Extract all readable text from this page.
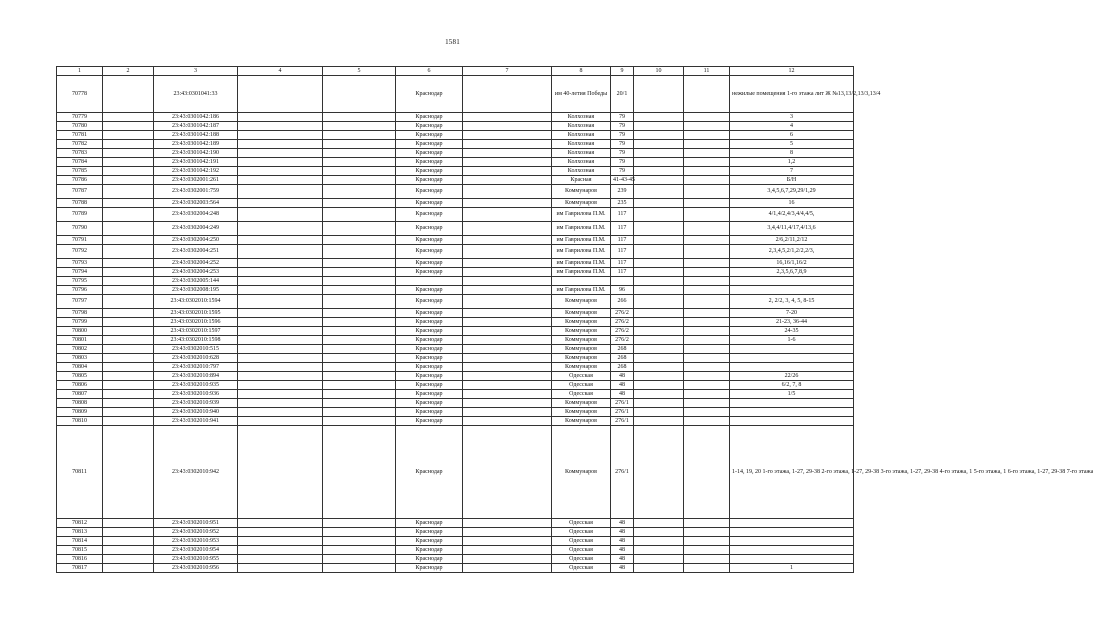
1581
1	2	3	4	5	6	7	8	9	10	11	12
70778		23:43:0301041:33			Краснодар		им 40-летия Победы	20/1			нежилые помещения 1-го этажа лит Ж №13,13/2,13/3,13/4
70779		23:43:0301042:186			Краснодар		Колхозная	79			3
70780		23:43:0301042:187			Краснодар		Колхозная	79			4
70781		23:43:0301042:188			Краснодар		Колхозная	79			6
70782		23:43:0301042:189			Краснодар		Колхозная	79			5
70783		23:43:0301042:190			Краснодар		Колхозная	79			8
70784		23:43:0301042:191			Краснодар		Колхозная	79			1,2
70785		23:43:0301042:192			Краснодар		Колхозная	79			7
70786		23:43:0302001:261			Краснодар		Красная	41-43-45			Б/Н
70787		23:43:0302001:759			Краснодар		Коммунаров	239			3,4,5,6,7,29,29/1,29
70788		23:43:0302003:564			Краснодар		Коммунаров	235			16
70789		23:43:0302004:248			Краснодар		им Гаврилова П.М.	117			4/1,4/2,4/3,4/4,4/5,
70790		23:43:0302004:249			Краснодар		им Гаврилова П.М.	117			3,4,4/11,4/17,4/13,6
70791		23:43:0302004:250			Краснодар		им Гаврилова П.М.	117			2/6,2/11,2/12
70792		23:43:0302004:251			Краснодар		им Гаврилова П.М.	117			2,3,4,5,2/1,2/2,2/3,
70793		23:43:0302004:252			Краснодар		им Гаврилова П.М.	117			16,16/1,16/2
70794		23:43:0302004:253			Краснодар		им Гаврилова П.М.	117			2,3,5,6,7,8,9
70795		23:43:0302005:144									
70796		23:43:0302008:195			Краснодар		им Гаврилова П.М.	96			
70797		23:43:0302010:1594			Краснодар		Коммунаров	266			2, 2/2, 3, 4, 5, 8-15
70798		23:43:0302010:1595			Краснодар		Коммунаров	276/2			7-20
70799		23:43:0302010:1596			Краснодар		Коммунаров	276/2			21-23, 36-44
70800		23:43:0302010:1597			Краснодар		Коммунаров	276/2			24-35
70801		23:43:0302010:1598			Краснодар		Коммунаров	276/2			1-6
70802		23:43:0302010:515			Краснодар		Коммунаров	268			
70803		23:43:0302010:628			Краснодар		Коммунаров	268			
70804		23:43:0302010:797			Краснодар		Коммунаров	268			
70805		23:43:0302010:894			Краснодар		Одесская	48			22/26
70806		23:43:0302010:935			Краснодар		Одесская	48			6/2, 7, 8
70807		23:43:0302010:936			Краснодар		Одесская	48			1/5
70808		23:43:0302010:939			Краснодар		Коммунаров	276/1			
70809		23:43:0302010:940			Краснодар		Коммунаров	276/1			
70810		23:43:0302010:941			Краснодар		Коммунаров	276/1			
70811		23:43:0302010:942			Краснодар		Коммунаров	276/1			1-14, 19, 20 1-го этажа, 1-27, 29-38 2-го этажа, 1-27, 29-38 3-го этажа, 1-27, 29-38 4-го этажа, 1 5-го этажа, 1 6-го этажа, 1-27, 29-38 7-го этажа
70812		23:43:0302010:951			Краснодар		Одесская	48			
70813		23:43:0302010:952			Краснодар		Одесская	48			
70814		23:43:0302010:953			Краснодар		Одесская	48			
70815		23:43:0302010:954			Краснодар		Одесская	48			
70816		23:43:0302010:955			Краснодар		Одесская	48			
70817		23:43:0302010:956			Краснодар		Одесская	48			1
